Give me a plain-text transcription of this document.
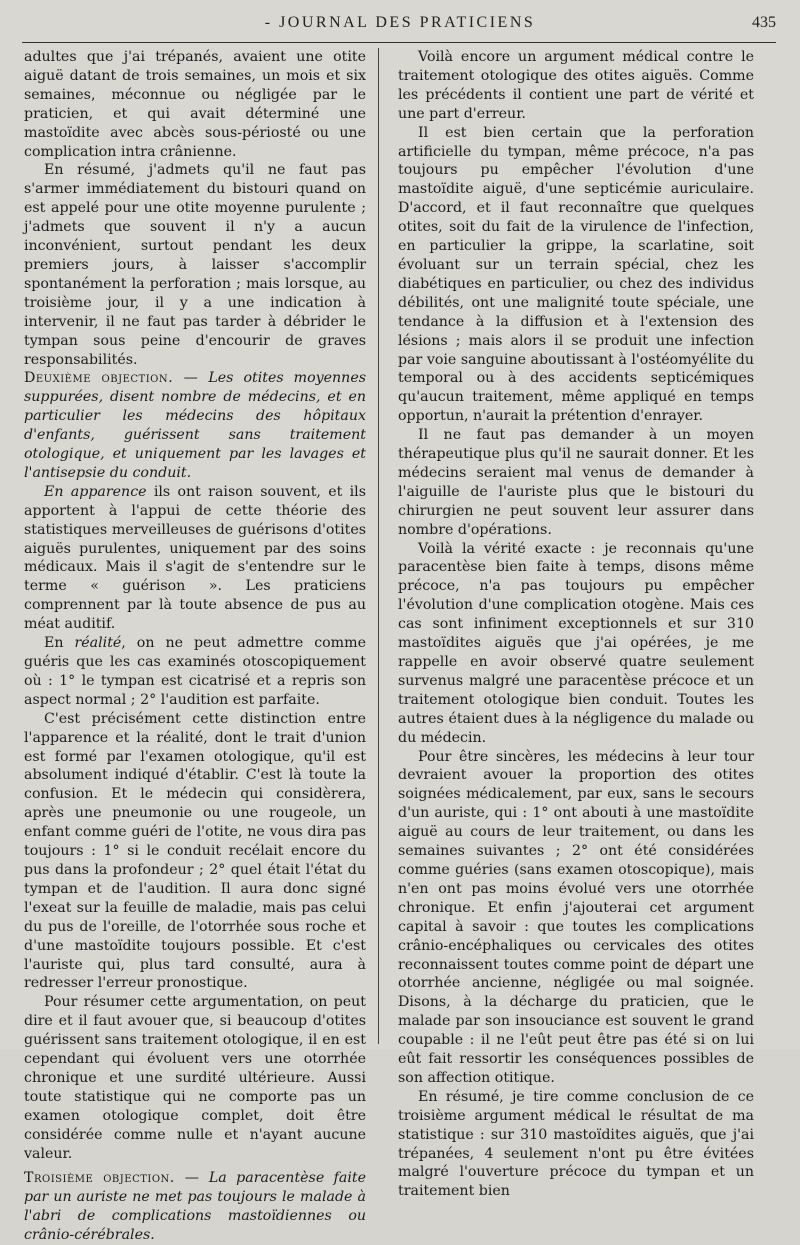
- JOURNAL DES PRATICIENS	435

adultes que j'ai trépanés, avaient une otite aiguë datant de trois semaines, un mois et six semaines, méconnue ou négligée par le praticien, et qui avait déterminé une mastoïdite avec abcès sous-périosté ou une complication intra crânienne.

En résumé, j'admets qu'il ne faut pas s'armer immédiatement du bistouri quand on est appelé pour une otite moyenne purulente ; j'admets que souvent il n'y a aucun inconvénient, surtout pendant les deux premiers jours, à laisser s'accomplir spontanément la perforation ; mais lorsque, au troisième jour, il y a une indication à intervenir, il ne faut pas tarder à débrider le tympan sous peine d'encourir de graves responsabilités.

Deuxième objection. — Les otites moyennes suppurées, disent nombre de médecins, et en particulier les médecins des hôpitaux d'enfants, guérissent sans traitement otologique, et uniquement par les lavages et l'antisepsie du conduit.

En apparence ils ont raison souvent, et ils apportent à l'appui de cette théorie des statistiques merveilleuses de guérisons d'otites aiguës purulentes, uniquement par des soins médicaux. Mais il s'agit de s'entendre sur le terme « guérison ». Les praticiens comprennent par là toute absence de pus au méat auditif.

En réalité, on ne peut admettre comme guéris que les cas examinés otoscopiquement où : 1° le tympan est cicatrisé et a repris son aspect normal ; 2° l'audition est parfaite.

C'est précisément cette distinction entre l'apparence et la réalité, dont le trait d'union est formé par l'examen otologique, qu'il est absolument indiqué d'établir. C'est là toute la confusion. Et le médecin qui considèrera, après une pneumonie ou une rougeole, un enfant comme guéri de l'otite, ne vous dira pas toujours : 1° si le conduit recélait encore du pus dans la profondeur ; 2° quel était l'état du tympan et de l'audition. Il aura donc signé l'exeat sur la feuille de maladie, mais pas celui du pus de l'oreille, de l'otorrhée sous roche et d'une mastoïdite toujours possible. Et c'est l'auriste qui, plus tard consulté, aura à redresser l'erreur pronostique.

Pour résumer cette argumentation, on peut dire et il faut avouer que, si beaucoup d'otites guérissent sans traitement otologique, il en est cependant qui évoluent vers une otorrhée chronique et une surdité ultérieure. Aussi toute statistique qui ne comporte pas un examen otologique complet, doit être considérée comme nulle et n'ayant aucune valeur.

Troisième objection. — La paracentèse faite par un auriste ne met pas toujours le malade à l'abri de complications mastoïdiennes ou crânio-cérébrales.

Voilà encore un argument médical contre le traitement otologique des otites aiguës. Comme les précédents il contient une part de vérité et une part d'erreur.

Il est bien certain que la perforation artificielle du tympan, même précoce, n'a pas toujours pu empêcher l'évolution d'une mastoïdite aiguë, d'une septicémie auriculaire. D'accord, et il faut reconnaître que quelques otites, soit du fait de la virulence de l'infection, en particulier la grippe, la scarlatine, soit évoluant sur un terrain spécial, chez les diabétiques en particulier, ou chez des individus débilités, ont une malignité toute spéciale, une tendance à la diffusion et à l'extension des lésions ; mais alors il se produit une infection par voie sanguine aboutissant à l'ostéomyélite du temporal ou à des accidents septicémiques qu'aucun traitement, même appliqué en temps opportun, n'aurait la prétention d'enrayer.

Il ne faut pas demander à un moyen thérapeutique plus qu'il ne saurait donner. Et les médecins seraient mal venus de demander à l'aiguille de l'auriste plus que le bistouri du chirurgien ne peut souvent leur assurer dans nombre d'opérations.

Voilà la vérité exacte : je reconnais qu'une paracentèse bien faite à temps, disons même précoce, n'a pas toujours pu empêcher l'évolution d'une complication otogène. Mais ces cas sont infiniment exceptionnels et sur 310 mastoïdites aiguës que j'ai opérées, je me rappelle en avoir observé quatre seulement survenus malgré une paracentèse précoce et un traitement otologique bien conduit. Toutes les autres étaient dues à la négligence du malade ou du médecin.

Pour être sincères, les médecins à leur tour devraient avouer la proportion des otites soignées médicalement, par eux, sans le secours d'un auriste, qui : 1° ont abouti à une mastoïdite aiguë au cours de leur traitement, ou dans les semaines suivantes ; 2° ont été considérées comme guéries (sans examen otoscopique), mais n'en ont pas moins évolué vers une otorrhée chronique. Et enfin j'ajouterai cet argument capital à savoir : que toutes les complications crânio-encéphaliques ou cervicales des otites reconnaissent toutes comme point de départ une otorrhée ancienne, négligée ou mal soignée. Disons, à la décharge du praticien, que le malade par son insouciance est souvent le grand coupable : il ne l'eût peut être pas été si on lui eût fait ressortir les conséquences possibles de son affection otitique.

En résumé, je tire comme conclusion de ce troisième argument médical le résultat de ma statistique : sur 310 mastoïdites aiguës, que j'ai trépanées, 4 seulement n'ont pu être évitées malgré l'ouverture précoce du tympan et un traitement bien
